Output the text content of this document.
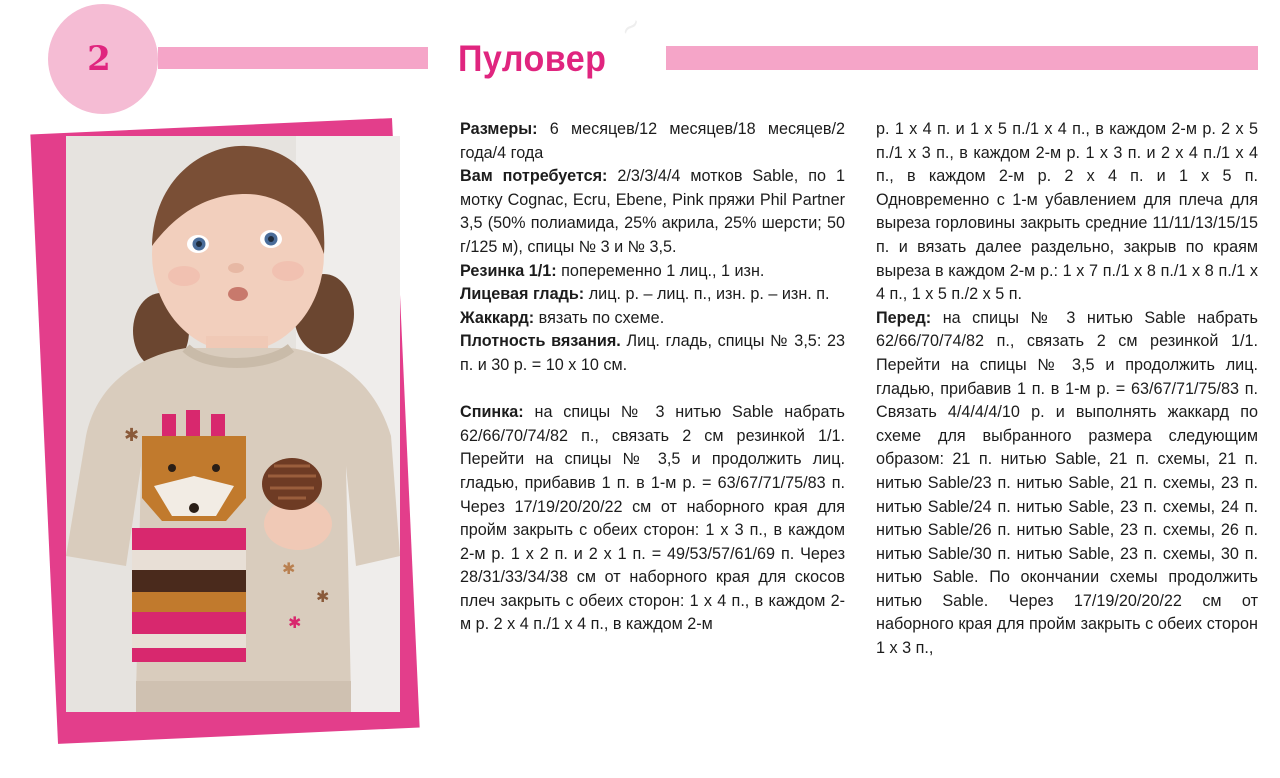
2
~
Пуловер
✱
✱
✱
✱

Размеры: 6 месяцев/12 месяцев/18 месяцев/2 года/4 года

Вам потребуется: 2/3/3/4/4 мотков Sable, по 1 мотку Cognac, Ecru, Ebene, Pink пряжи Phil Partner 3,5 (50% полиамида, 25% акрила, 25% шерсти; 50 г/125 м), спицы № 3 и № 3,5.

Резинка 1/1: попеременно 1 лиц., 1 изн.

Лицевая гладь: лиц. р. – лиц. п., изн. р. – изн. п.

Жаккард: вязать по схеме.

Плотность вязания. Лиц. гладь, спицы № 3,5: 23 п. и 30 р. = 10 х 10 см.

Спинка: на спицы № 3 нитью Sable набрать 62/66/70/74/82 п., связать 2 см резинкой 1/1. Перейти на спицы № 3,5 и продолжить лиц. гладью, прибавив 1 п. в 1-м р. = 63/67/71/75/83 п. Через 17/19/20/20/22 см от наборного края для пройм закрыть с обеих сторон: 1 х 3 п., в каждом 2-м р. 1 х 2 п. и 2 х 1 п. = 49/53/57/61/69 п. Через 28/31/33/34/38 см от наборного края для скосов плеч закрыть с обеих сторон: 1 х 4 п., в каждом 2-м р. 2 х 4 п./1 х 4 п., в каждом 2-м

р. 1 х 4 п. и 1 х 5 п./1 х 4 п., в каждом 2-м р. 2 х 5 п./1 х 3 п., в каждом 2-м р. 1 х 3 п. и 2 х 4 п./1 х 4 п., в каждом 2-м р. 2 х 4 п. и 1 х 5 п. Одновременно с 1-м убавлением для плеча для выреза горловины закрыть средние 11/11/13/15/15 п. и вязать далее раздельно, закрыв по краям выреза в каждом 2-м р.: 1 х 7 п./1 х 8 п./1 х 8 п./1 х 4 п., 1 х 5 п./2 х 5 п.

Перед: на спицы № 3 нитью Sable набрать 62/66/70/74/82 п., связать 2 см резинкой 1/1. Перейти на спицы № 3,5 и продолжить лиц. гладью, прибавив 1 п. в 1-м р. = 63/67/71/75/83 п. Связать 4/4/4/4/10 р. и выполнять жаккард по схеме для выбранного размера следующим образом: 21 п. нитью Sable, 21 п. схемы, 21 п. нитью Sable/23 п. нитью Sable, 21 п. схемы, 23 п. нитью Sable/24 п. нитью Sable, 23 п. схемы, 24 п. нитью Sable/26 п. нитью Sable, 23 п. схемы, 26 п. нитью Sable/30 п. нитью Sable, 23 п. схемы, 30 п. нитью Sable. По окончании схемы продолжить нитью Sable. Через 17/19/20/20/22 см от наборного края для пройм закрыть с обеих сторон 1 х 3 п.,
